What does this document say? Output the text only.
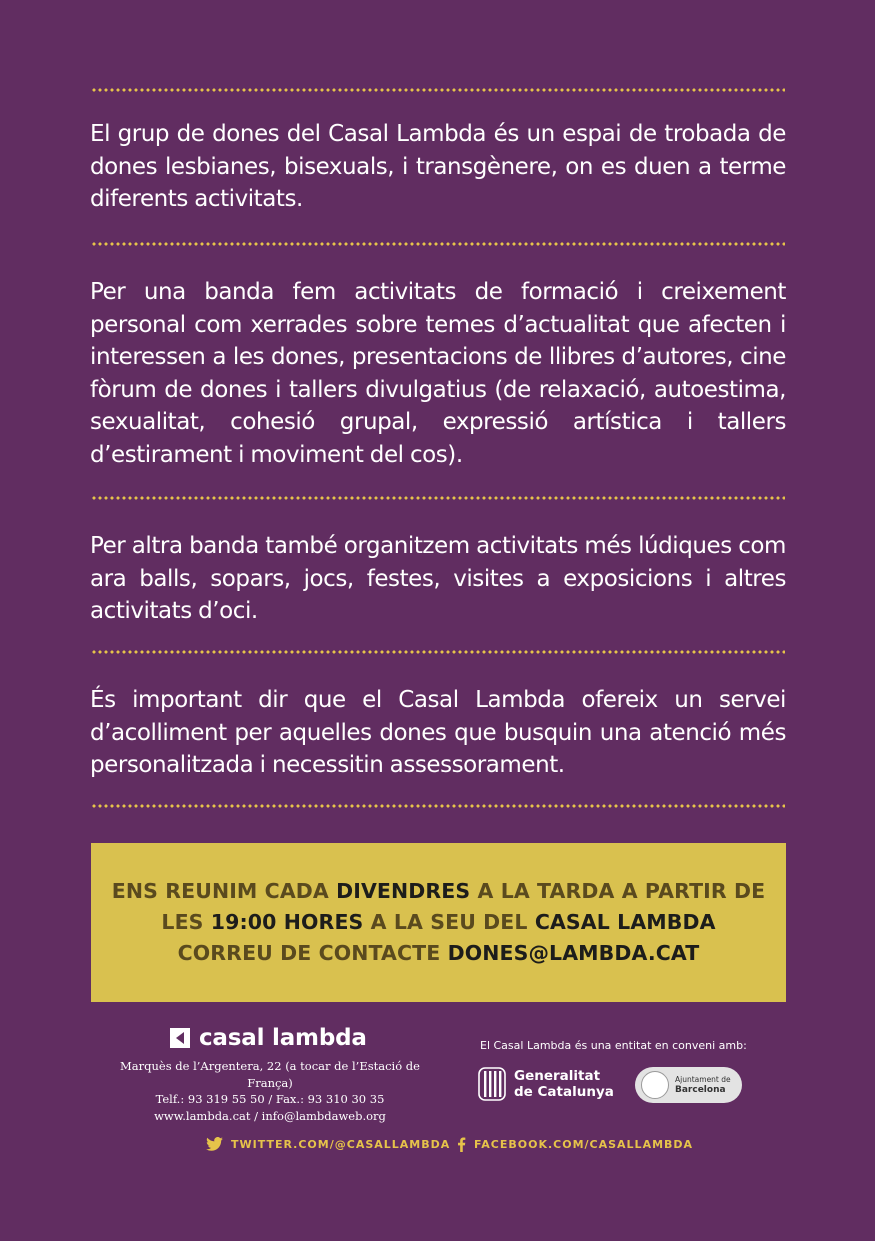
El grup de dones del Casal Lambda és un espai de trobada de dones lesbianes, bisexuals, i transgènere, on es duen a terme diferents activitats.

Per una banda fem activitats de formació i creixement personal com xerrades sobre temes d’actualitat que afecten i interessen a les dones, presentacions de llibres d’autores, cine fòrum de dones i tallers divulgatius (de relaxació, autoestima, sexualitat, cohesió grupal, expressió artística i tallers d’estirament i moviment del cos).

Per altra banda també organitzem activitats més lúdiques com ara balls, sopars, jocs, festes, visites a exposicions i altres activitats d’oci.

És important dir que el Casal Lambda ofereix un servei d’acolliment per aquelles dones que busquin una atenció més personalitzada i necessitin assessorament.

ENS REUNIM CADA DIVENDRES A LA TARDA A PARTIR DE
LES 19:00 HORES A LA SEU DEL CASAL LAMBDA
CORREU DE CONTACTE DONES@LAMBDA.CAT
casal lambda
Marquès de l’Argentera, 22 (a tocar de l’Estació de França)
Telf.: 93 319 55 50 / Fax.: 93 310 30 35
www.lambda.cat / info@lambdaweb.org
El Casal Lambda és una entitat en conveni amb:
Generalitat
de Catalunya
Ajuntament de
Barcelona
TWITTER.COM/@CASALLAMBDA FACEBOOK.COM/CASALLAMBDA
